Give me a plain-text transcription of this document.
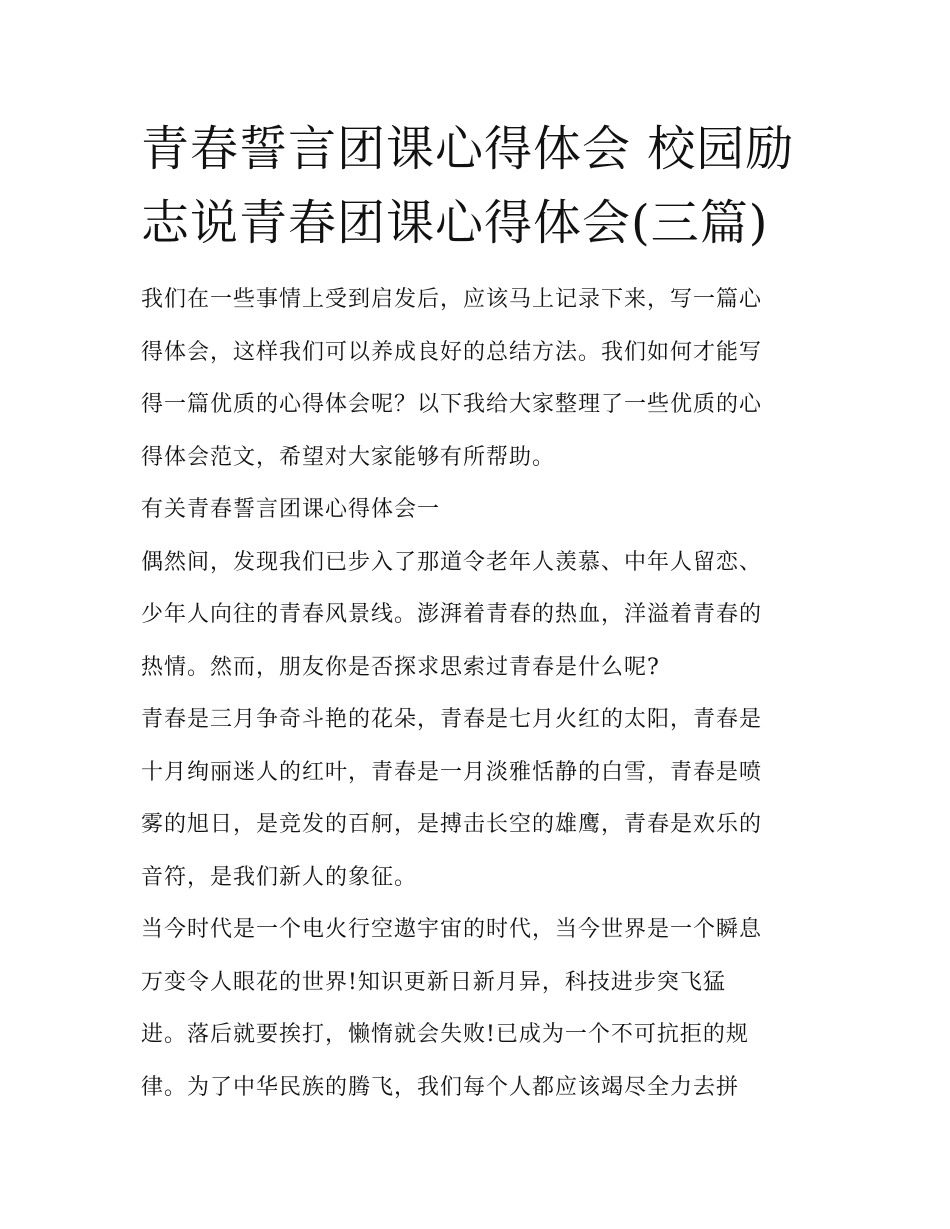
青春誓言团课心得体会 校园励
志说青春团课心得体会(三篇)
我们在一些事情上受到启发后，应该马上记录下来，写一篇心
得体会，这样我们可以养成良好的总结方法。我们如何才能写
得一篇优质的心得体会呢？以下我给大家整理了一些优质的心
得体会范文，希望对大家能够有所帮助。
有关青春誓言团课心得体会一
偶然间，发现我们已步入了那道令老年人羡慕、中年人留恋、
少年人向往的青春风景线。澎湃着青春的热血，洋溢着青春的
热情。然而，朋友你是否探求思索过青春是什么呢?
青春是三月争奇斗艳的花朵，青春是七月火红的太阳，青春是
十月绚丽迷人的红叶，青春是一月淡雅恬静的白雪，青春是喷
雾的旭日，是竞发的百舸，是搏击长空的雄鹰，青春是欢乐的
音符，是我们新人的象征。
当今时代是一个电火行空遨宇宙的时代，当今世界是一个瞬息
万变令人眼花的世界!知识更新日新月异，科技进步突飞猛
进。落后就要挨打，懒惰就会失败!已成为一个不可抗拒的规
律。为了中华民族的腾飞，我们每个人都应该竭尽全力去拼
